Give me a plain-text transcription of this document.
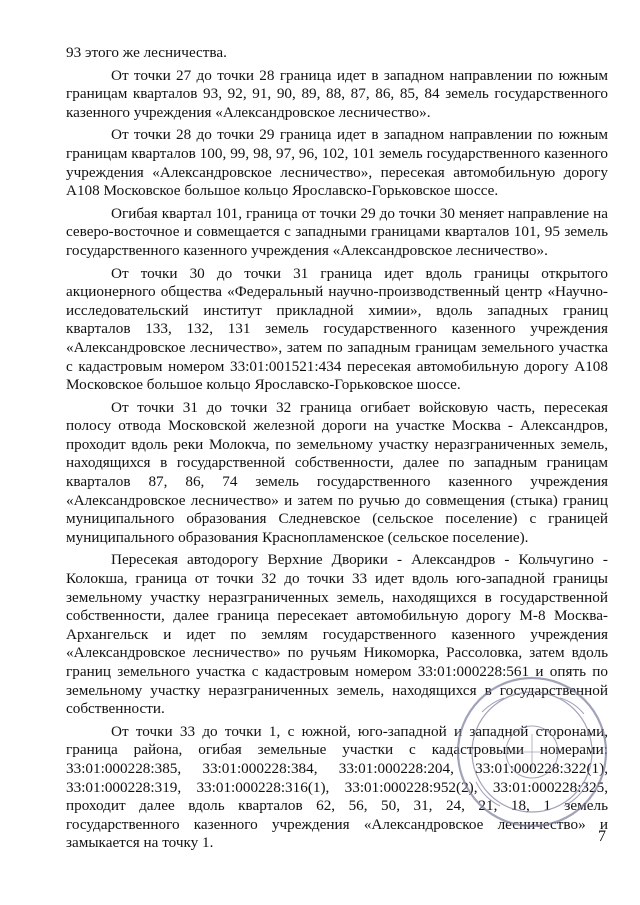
93 этого же лесничества.

От точки 27 до точки 28 граница идет в западном направлении по южным границам кварталов 93, 92, 91, 90, 89, 88, 87, 86, 85, 84 земель государственного казенного учреждения «Александровское лесничество».

От точки 28 до точки 29 граница идет в западном направлении по южным границам кварталов 100, 99, 98, 97, 96, 102, 101 земель государственного казенного учреждения «Александровское лесничество», пересекая автомобильную дорогу А108 Московское большое кольцо Ярославско-Горьковское шоссе.

Огибая квартал 101, граница от точки 29 до точки 30 меняет направление на северо-восточное и совмещается с западными границами кварталов 101, 95 земель государственного казенного учреждения «Александровское лесничество».

От точки 30 до точки 31 граница идет вдоль границы открытого акционерного общества «Федеральный научно-производственный центр «Научно-исследовательский институт прикладной химии», вдоль западных границ кварталов 133, 132, 131 земель государственного казенного учреждения «Александровское лесничество», затем по западным границам земельного участка с кадастровым номером 33:01:001521:434 пересекая автомобильную дорогу А108 Московское большое кольцо Ярославско-Горьковское шоссе.

От точки 31 до точки 32 граница огибает войсковую часть, пересекая полосу отвода Московской железной дороги на участке Москва - Александров, проходит вдоль реки Молокча, по земельному участку неразграниченных земель, находящихся в государственной собственности, далее по западным границам кварталов 87, 86, 74 земель государственного казенного учреждения «Александровское лесничество» и затем по ручью до совмещения (стыка) границ муниципального образования Следневское (сельское поселение) с границей муниципального образования Краснопламенское (сельское поселение).

Пересекая автодорогу Верхние Дворики - Александров - Кольчугино - Колокша, граница от точки 32 до точки 33 идет вдоль юго-западной границы земельному участку неразграниченных земель, находящихся в государственной собственности, далее граница пересекает автомобильную дорогу М-8 Москва-Архангельск и идет по землям государственного казенного учреждения «Александровское лесничество» по ручьям Никоморка, Рассоловка, затем вдоль границ земельного участка с кадастровым номером 33:01:000228:561 и опять по земельному участку неразграниченных земель, находящихся в государственной собственности.

От точки 33 до точки 1, с южной, юго-западной и западной сторонами, граница района, огибая земельные участки с кадастровыми номерами: 33:01:000228:385, 33:01:000228:384, 33:01:000228:204, 33:01:000228:322(1), 33:01:000228:319, 33:01:000228:316(1), 33:01:000228:952(2), 33:01:000228:325, проходит далее вдоль кварталов 62, 56, 50, 31, 24, 21, 18, 1 земель государственного казенного учреждения «Александровское лесничество» и замыкается на точку 1.	7
